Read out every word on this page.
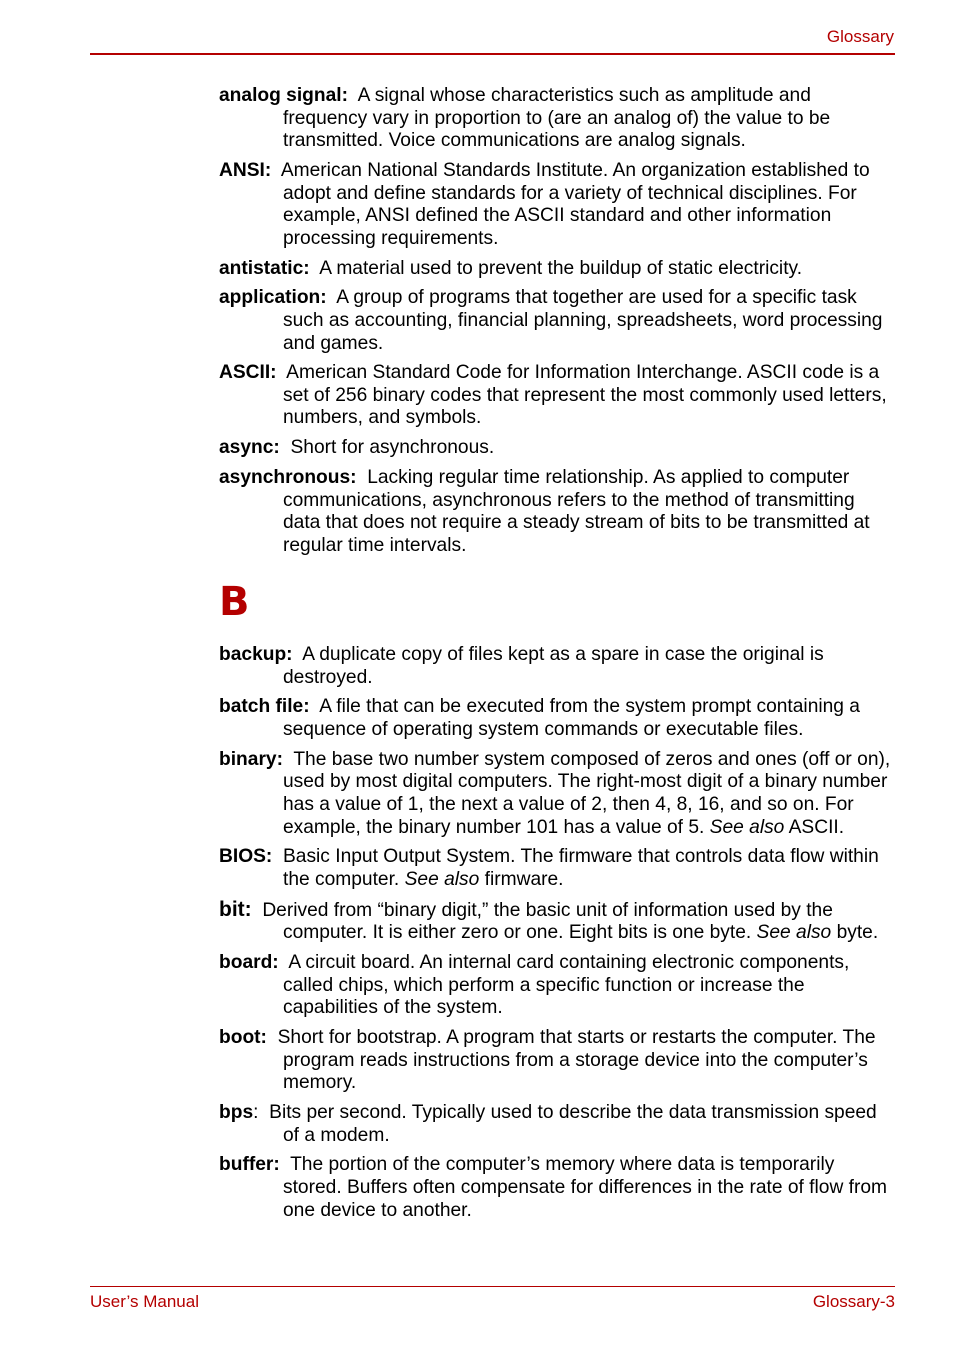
Glossary

analog signal: A signal whose characteristics such as amplitude and frequency vary in proportion to (are an analog of) the value to be transmitted. Voice communications are analog signals.

ANSI: American National Standards Institute. An organization established to adopt and define standards for a variety of technical disciplines. For example, ANSI defined the ASCII standard and other information processing requirements.

antistatic: A material used to prevent the buildup of static electricity.

application: A group of programs that together are used for a specific task such as accounting, financial planning, spreadsheets, word processing and games.

ASCII: American Standard Code for Information Interchange. ASCII code is a set of 256 binary codes that represent the most commonly used letters, numbers, and symbols.

async: Short for asynchronous.

asynchronous: Lacking regular time relationship. As applied to computer communications, asynchronous refers to the method of transmitting data that does not require a steady stream of bits to be transmitted at regular time intervals.

B

backup: A duplicate copy of files kept as a spare in case the original is destroyed.

batch file: A file that can be executed from the system prompt containing a sequence of operating system commands or executable files.

binary: The base two number system composed of zeros and ones (off or on), used by most digital computers. The right-most digit of a binary number has a value of 1, the next a value of 2, then 4, 8, 16, and so on. For example, the binary number 101 has a value of 5. See also ASCII.

BIOS: Basic Input Output System. The firmware that controls data flow within the computer. See also firmware.

bit: Derived from “binary digit,” the basic unit of information used by the computer. It is either zero or one. Eight bits is one byte. See also byte.

board: A circuit board. An internal card containing electronic components, called chips, which perform a specific function or increase the capabilities of the system.

boot: Short for bootstrap. A program that starts or restarts the computer. The program reads instructions from a storage device into the computer’s memory.

bps: Bits per second. Typically used to describe the data transmission speed of a modem.

buffer: The portion of the computer’s memory where data is temporarily stored. Buffers often compensate for differences in the rate of flow from one device to another.

User’s Manual	Glossary-3
